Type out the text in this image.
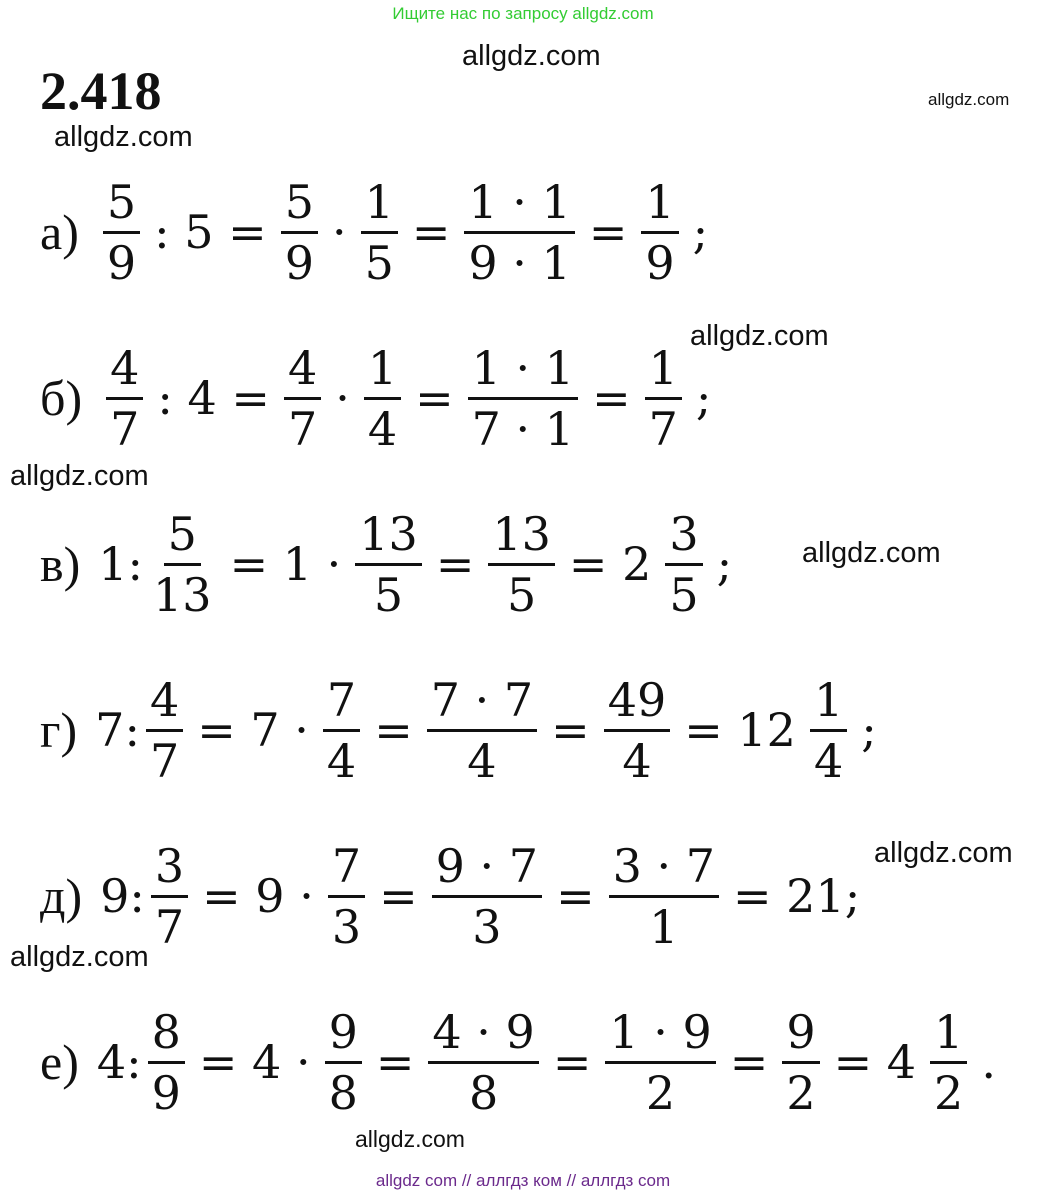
Ищите нас по запросу allgdz.com
allgdz.com
allgdz.com
allgdz.com
allgdz.com
allgdz.com
allgdz.com
allgdz.com
allgdz.com
allgdz.com
2.418
$а) \frac{5}{9}$ : $5 = \frac{5}{9} \cdot \frac{1}{5} = \frac{1 \cdot 1}{9 \cdot 1} = \frac{1}{9}$ ;
$б) \frac{4}{7}$ : $4 = \frac{4}{7} \cdot \frac{1}{4} = \frac{1 \cdot 1}{7 \cdot 1} = \frac{1}{7}$ ;
в) 1: $\frac{5}{13} = 1 \cdot \frac{13}{5} = \frac{13}{5} = 2 \frac{3}{5}$ ;
г) 7: $\frac{4}{7} = 7 \cdot \frac{7}{4} = \frac{7 \cdot 7}{4} = \frac{49}{4} = 12 \frac{1}{4}$ ;
д) 9: $\frac{3}{7} = 9 \cdot \frac{7}{3} = \frac{9 \cdot 7}{3} = \frac{3 \cdot 7}{1} = 21$;
е) 4: $\frac{8}{9} = 4 \cdot \frac{9}{8} = \frac{4 \cdot 9}{8} = \frac{1 \cdot 9}{2} = \frac{9}{2} = 4 \frac{1}{2}$ .
allgdz com // аллгдз ком // аллгдз com
